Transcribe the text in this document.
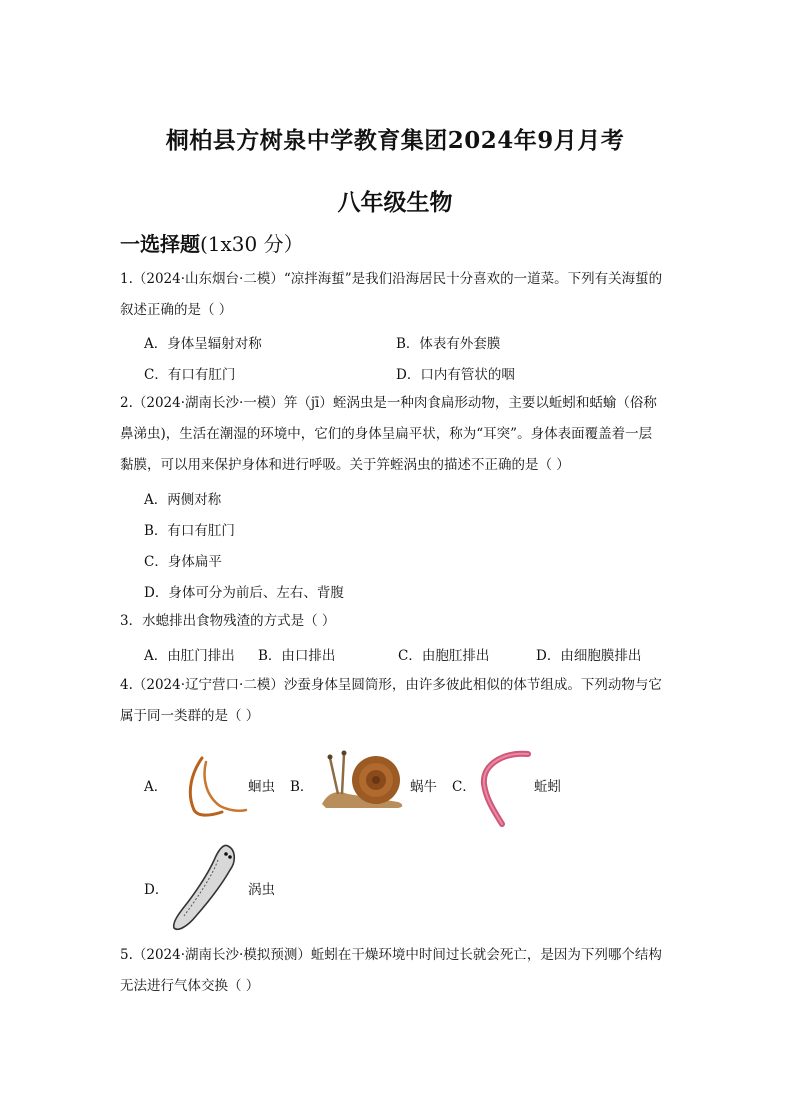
桐柏县方树泉中学教育集团2024年9月月考
八年级生物
一选择题(1x30 分）
1.（2024·山东烟台·二模）“凉拌海蜇”是我们沿海居民十分喜欢的一道菜。下列有关海蜇的
叙述正确的是（ ）
A．身体呈辐射对称	B．体表有外套膜
C．有口有肛门	D．口内有管状的咽
2.（2024·湖南长沙·一模）笄（jī）蛭涡虫是一种肉食扁形动物，主要以蚯蚓和蛞蝓（俗称
鼻涕虫)，生活在潮湿的环境中，它们的身体呈扁平状，称为“耳突”。身体表面覆盖着一层
黏膜，可以用来保护身体和进行呼吸。关于笄蛭涡虫的描述不正确的是（ ）
A．两侧对称
B．有口有肛门
C．身体扁平
D．身体可分为前后、左右、背腹
3．水螅排出食物残渣的方式是（ ）
A．由肛门排出 B．由口排出	C．由胞肛排出	D．由细胞膜排出
4.（2024·辽宁营口·二模）沙蚕身体呈圆筒形，由许多彼此相似的体节组成。下列动物与它
属于同一类群的是（ ）
A．	蛔虫 B．	蜗牛 C．	蚯蚓
D．	涡虫
5.（2024·湖南长沙·模拟预测）蚯蚓在干燥环境中时间过长就会死亡，是因为下列哪个结构
无法进行气体交换（ ）
